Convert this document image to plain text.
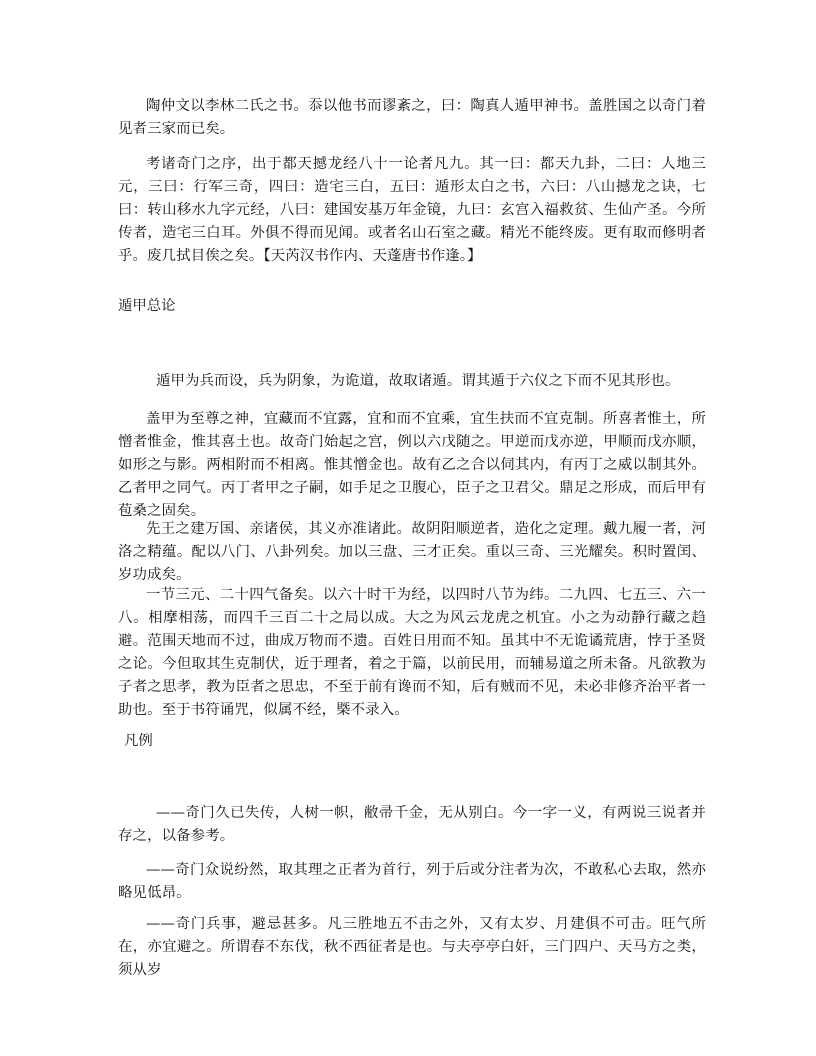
陶仲文以李林二氏之书。忝以他书而谬紊之，曰：陶真人遁甲神书。盖胜国之以奇门着见者三家而已矣。

考诸奇门之序，出于都天撼龙经八十一论者凡九。其一曰：都天九卦，二曰：人地三元，三曰：行军三奇，四曰：造宅三白，五曰：遁形太白之书，六曰：八山撼龙之诀，七曰：转山移水九字元经，八曰：建国安基万年金镜，九曰：玄宫入福救贫、生仙产圣。今所传者，造宅三白耳。外俱不得而见闻。或者名山石室之藏。精光不能终废。更有取而修明者乎。废几拭目俟之矣。【天芮汉书作内、天蓬唐书作逢。】

遁甲总论

遁甲为兵而设，兵为阴象，为诡道，故取诸遁。谓其遁于六仪之下而不见其形也。

盖甲为至尊之神，宜藏而不宜露，宜和而不宜乘，宜生扶而不宜克制。所喜者惟土，所憎者惟金，惟其喜土也。故奇门始起之宫，例以六戊随之。甲逆而戊亦逆，甲顺而戊亦顺，如形之与影。两相附而不相离。惟其憎金也。故有乙之合以伺其内，有丙丁之威以制其外。乙者甲之同气。丙丁者甲之子嗣，如手足之卫腹心，臣子之卫君父。鼎足之形成，而后甲有苞桑之固矣。

先王之建万国、亲诸侯，其义亦准诸此。故阴阳顺逆者，造化之定理。戴九履一者，河洛之精蕴。配以八门、八卦列矣。加以三盘、三才正矣。重以三奇、三光耀矣。积时置闰、岁功成矣。

一节三元、二十四气备矣。以六十时干为经，以四时八节为纬。二九四、七五三、六一八。相摩相荡，而四千三百二十之局以成。大之为风云龙虎之机宜。小之为动静行藏之趋避。范围天地而不过，曲成万物而不遗。百姓日用而不知。虽其中不无诡谲荒唐，悖于圣贤之论。今但取其生克制伏，近于理者，着之于篇，以前民用，而辅易道之所未备。凡欲教为子者之思孝，教为臣者之思忠，不至于前有谗而不知，后有贼而不见，未必非修齐治平者一助也。至于书符诵咒，似属不经，槩不录入。

凡例

——奇门久已失传，人树一帜，敝帚千金，无从别白。今一字一义，有两说三说者并存之，以备参考。

——奇门众说纷然，取其理之正者为首行，列于后或分注者为次，不敢私心去取，然亦略见低昂。

——奇门兵事，避忌甚多。凡三胜地五不击之外，又有太岁、月建俱不可击。旺气所在，亦宜避之。所谓春不东伐，秋不西征者是也。与夫亭亭白奸，三门四户、天马方之类，须从岁
